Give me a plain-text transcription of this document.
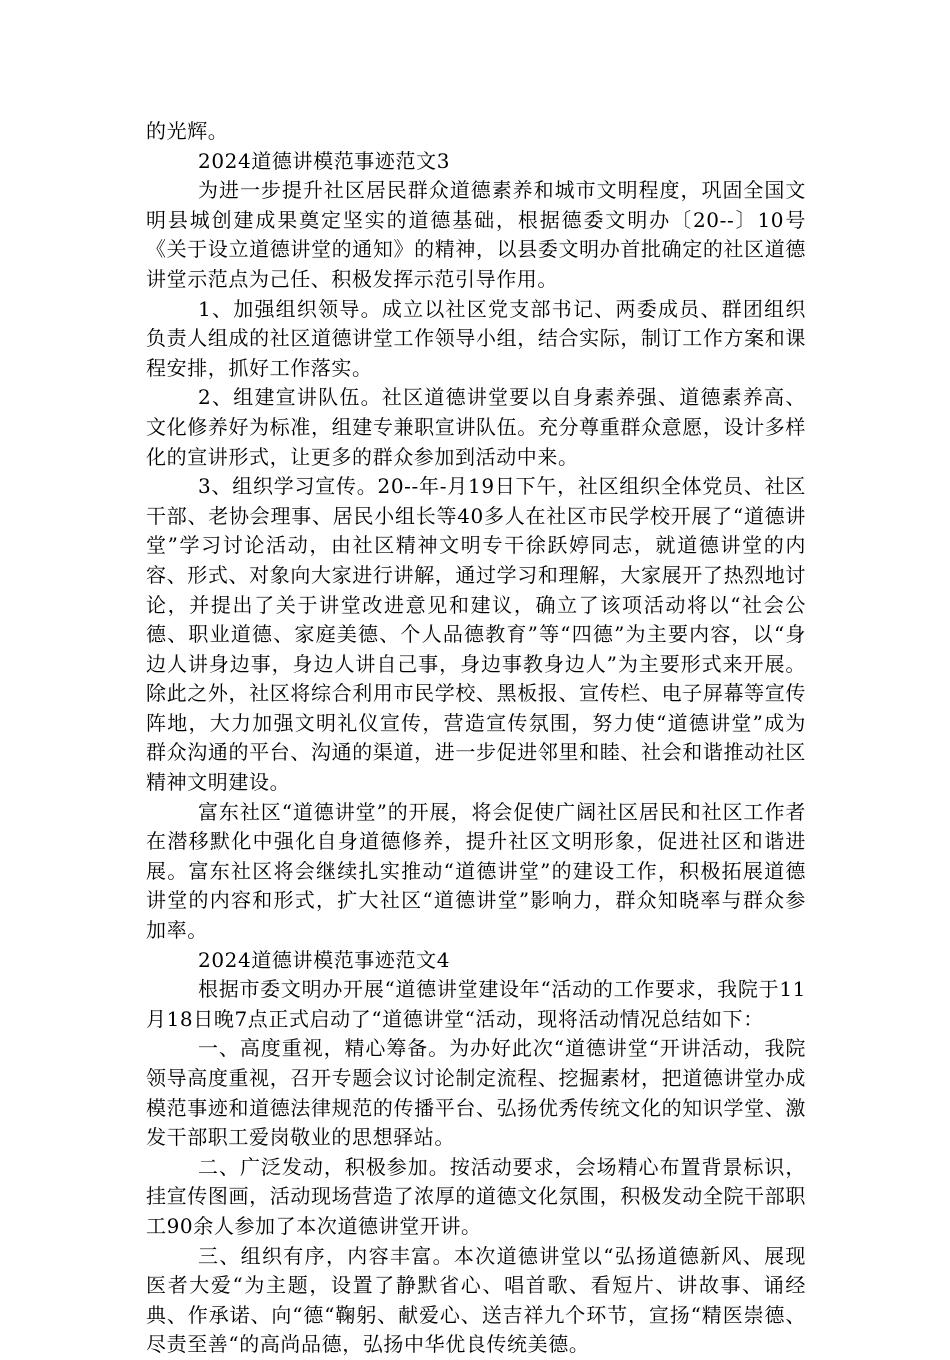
的光辉。

2024道德讲模范事迹范文3

为进一步提升社区居民群众道德素养和城市文明程度，巩固全国文明县城创建成果奠定坚实的道德基础，根据德委文明办〔20--〕10号《关于设立道德讲堂的通知》的精神，以县委文明办首批确定的社区道德讲堂示范点为己任、积极发挥示范引导作用。

1、加强组织领导。成立以社区党支部书记、两委成员、群团组织负责人组成的社区道德讲堂工作领导小组，结合实际，制订工作方案和课程安排，抓好工作落实。

2、组建宣讲队伍。社区道德讲堂要以自身素养强、道德素养高、文化修养好为标准，组建专兼职宣讲队伍。充分尊重群众意愿，设计多样化的宣讲形式，让更多的群众参加到活动中来。

3、组织学习宣传。20--年-月19日下午，社区组织全体党员、社区干部、老协会理事、居民小组长等40多人在社区市民学校开展了“道德讲堂”学习讨论活动，由社区精神文明专干徐跃婷同志，就道德讲堂的内容、形式、对象向大家进行讲解，通过学习和理解，大家展开了热烈地讨论，并提出了关于讲堂改进意见和建议，确立了该项活动将以“社会公德、职业道德、家庭美德、个人品德教育”等“四德”为主要内容，以“身边人讲身边事，身边人讲自己事，身边事教身边人”为主要形式来开展。除此之外，社区将综合利用市民学校、黑板报、宣传栏、电子屏幕等宣传阵地，大力加强文明礼仪宣传，营造宣传氛围，努力使“道德讲堂”成为群众沟通的平台、沟通的渠道，进一步促进邻里和睦、社会和谐推动社区精神文明建设。

富东社区“道德讲堂”的开展，将会促使广阔社区居民和社区工作者在潜移默化中强化自身道德修养，提升社区文明形象，促进社区和谐进展。富东社区将会继续扎实推动“道德讲堂”的建设工作，积极拓展道德讲堂的内容和形式，扩大社区“道德讲堂”影响力，群众知晓率与群众参加率。

2024道德讲模范事迹范文4

根据市委文明办开展“道德讲堂建设年“活动的工作要求，我院于11月18日晚7点正式启动了“道德讲堂“活动，现将活动情况总结如下：

一、高度重视，精心筹备。为办好此次“道德讲堂“开讲活动，我院领导高度重视，召开专题会议讨论制定流程、挖掘素材，把道德讲堂办成模范事迹和道德法律规范的传播平台、弘扬优秀传统文化的知识学堂、激发干部职工爱岗敬业的思想驿站。

二、广泛发动，积极参加。按活动要求，会场精心布置背景标识，挂宣传图画，活动现场营造了浓厚的道德文化氛围，积极发动全院干部职工90余人参加了本次道德讲堂开讲。

三、组织有序，内容丰富。本次道德讲堂以“弘扬道德新风、展现医者大爱“为主题，设置了静默省心、唱首歌、看短片、讲故事、诵经典、作承诺、向“德“鞠躬、献爱心、送吉祥九个环节，宣扬“精医崇德、尽责至善“的高尚品德，弘扬中华优良传统美德。
